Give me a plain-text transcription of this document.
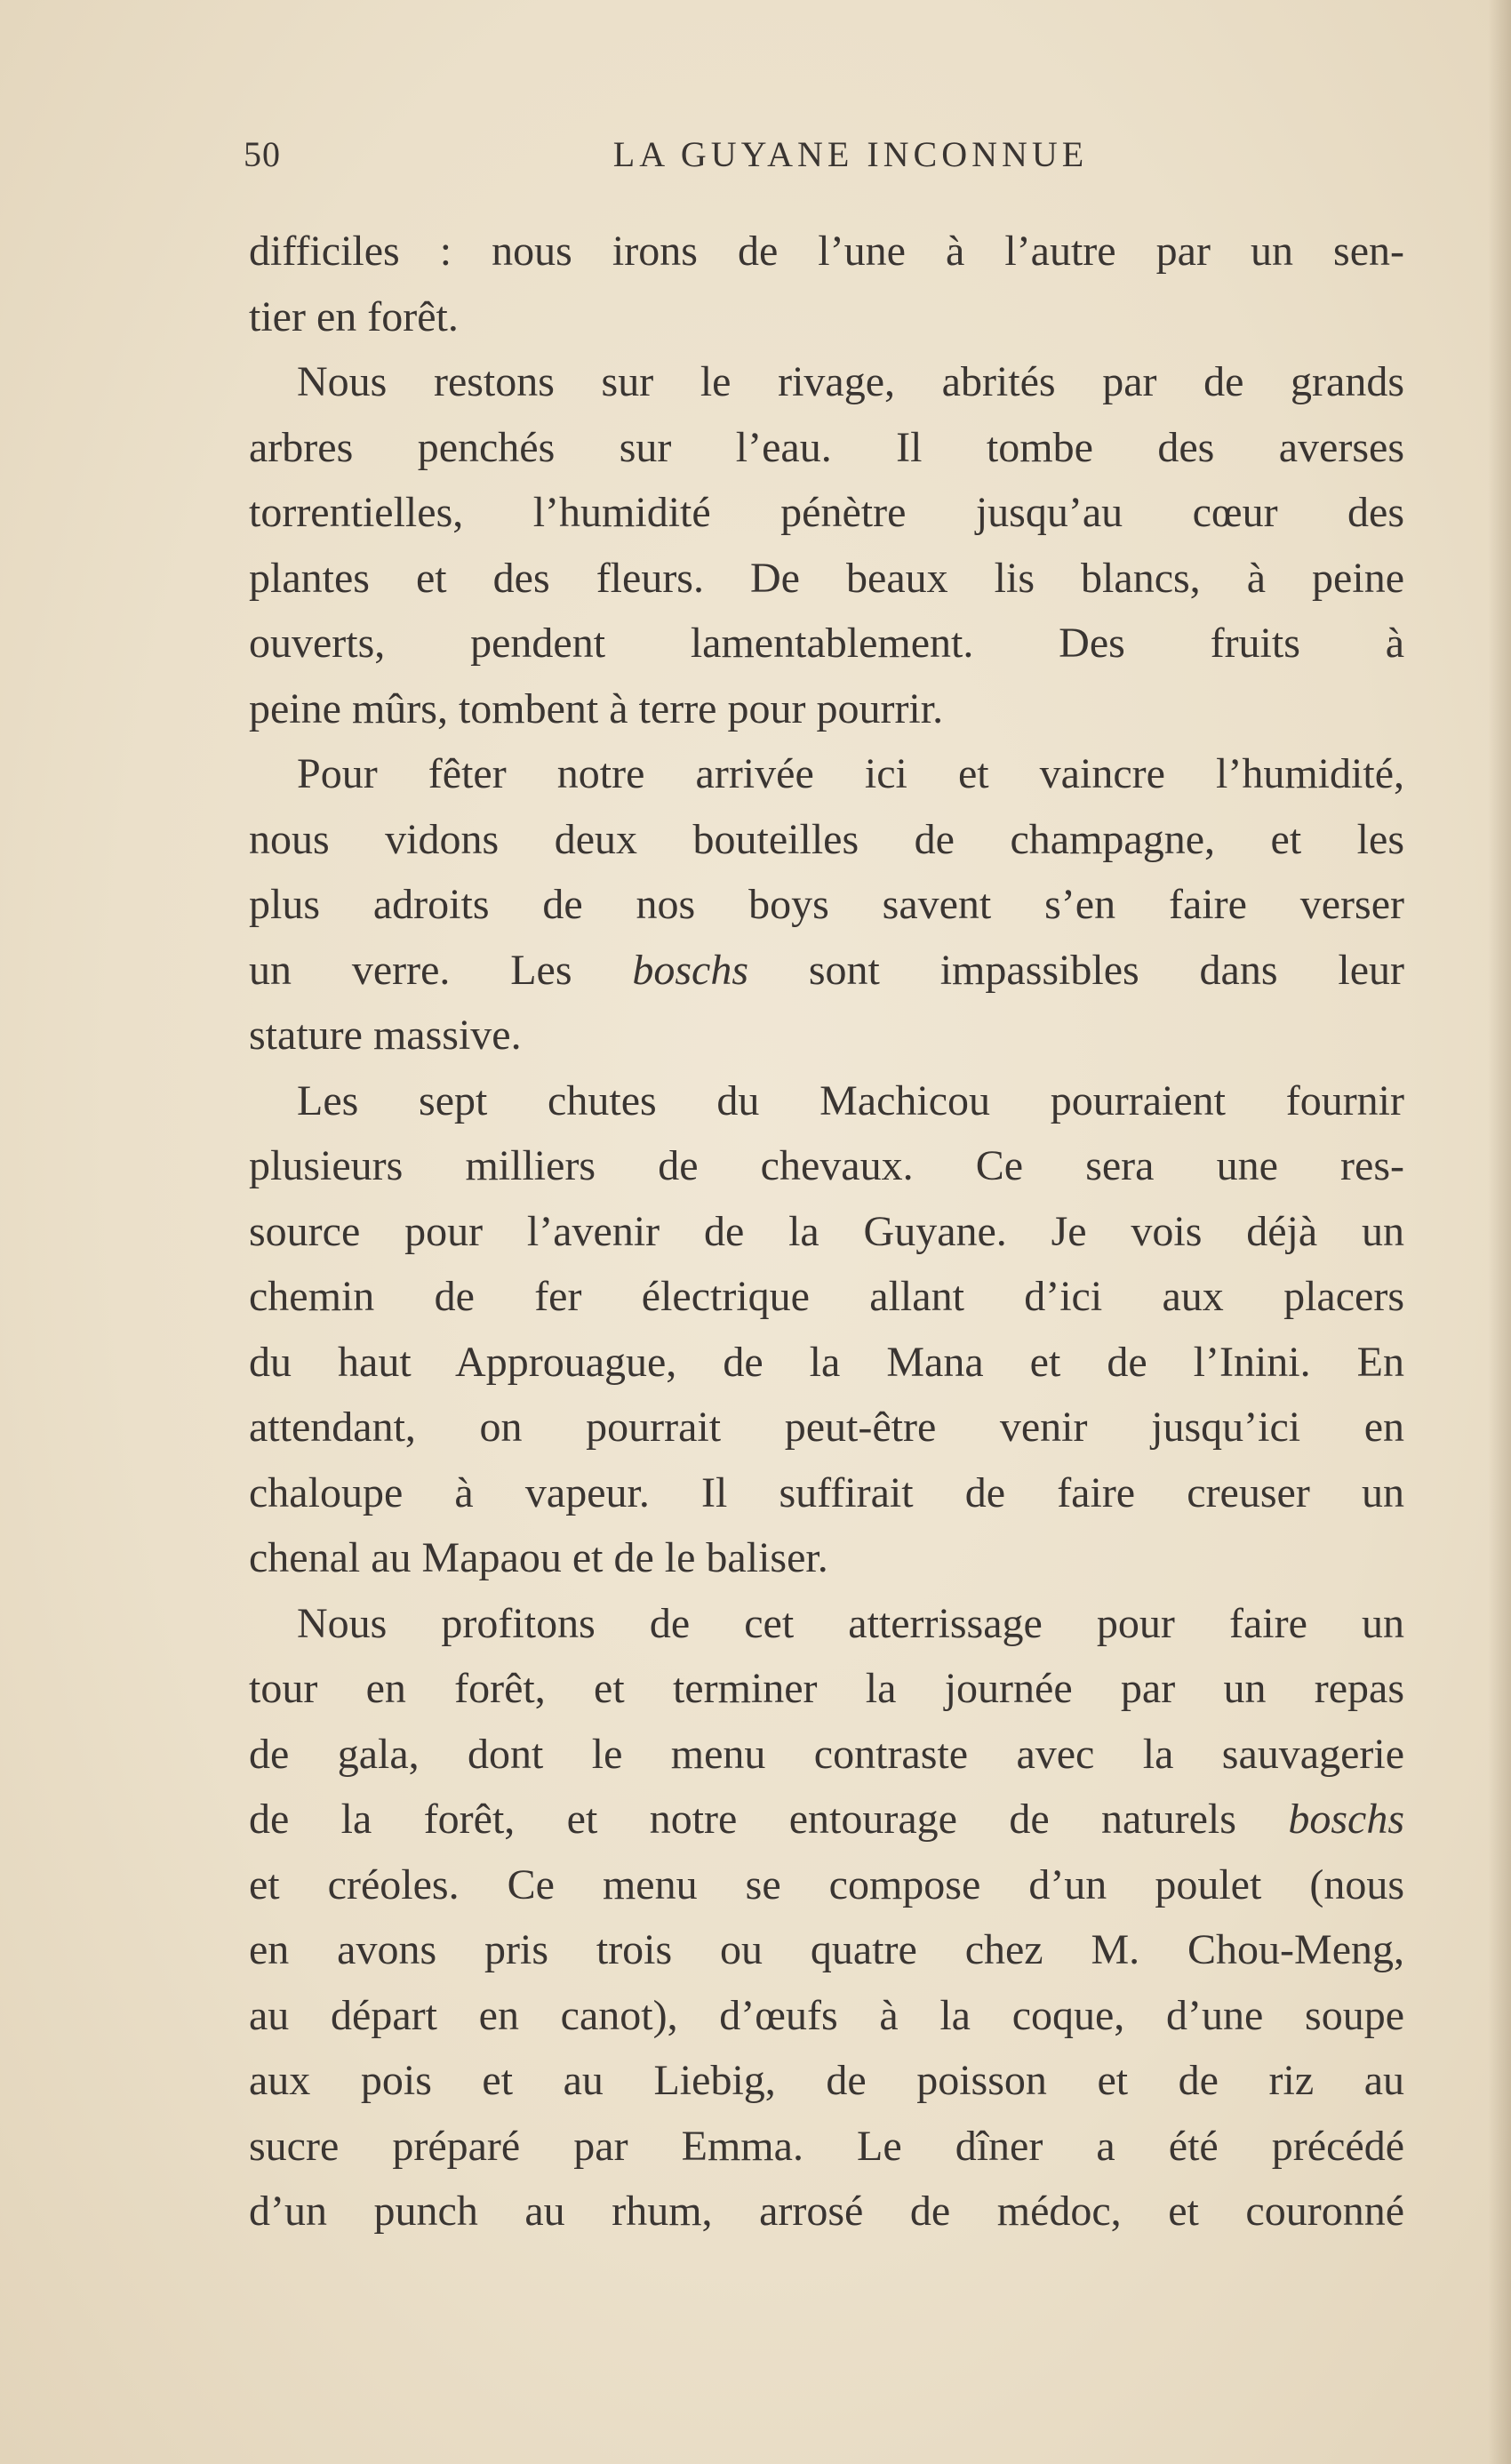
50	LA GUYANE INCONNUE
difficiles : nous irons de l’une à l’autre par un sen-
tier en forêt.
Nous restons sur le rivage, abrités par de grands
arbres penchés sur l’eau. Il tombe des averses
torrentielles, l’humidité pénètre jusqu’au cœur des
plantes et des fleurs. De beaux lis blancs, à peine
ouverts, pendent lamentablement. Des fruits à
peine mûrs, tombent à terre pour pourrir.
Pour fêter notre arrivée ici et vaincre l’humidité,
nous vidons deux bouteilles de champagne, et les
plus adroits de nos boys savent s’en faire verser
un verre. Les boschs sont impassibles dans leur
stature massive.
Les sept chutes du Machicou pourraient fournir
plusieurs milliers de chevaux. Ce sera une res-
source pour l’avenir de la Guyane. Je vois déjà un
chemin de fer électrique allant d’ici aux placers
du haut Approuague, de la Mana et de l’Inini. En
attendant, on pourrait peut-être venir jusqu’ici en
chaloupe à vapeur. Il suffirait de faire creuser un
chenal au Mapaou et de le baliser.
Nous profitons de cet atterrissage pour faire un
tour en forêt, et terminer la journée par un repas
de gala, dont le menu contraste avec la sauvagerie
de la forêt, et notre entourage de naturels boschs
et créoles. Ce menu se compose d’un poulet (nous
en avons pris trois ou quatre chez M. Chou-Meng,
au départ en canot), d’œufs à la coque, d’une soupe
aux pois et au Liebig, de poisson et de riz au
sucre préparé par Emma. Le dîner a été précédé
d’un punch au rhum, arrosé de médoc, et couronné
